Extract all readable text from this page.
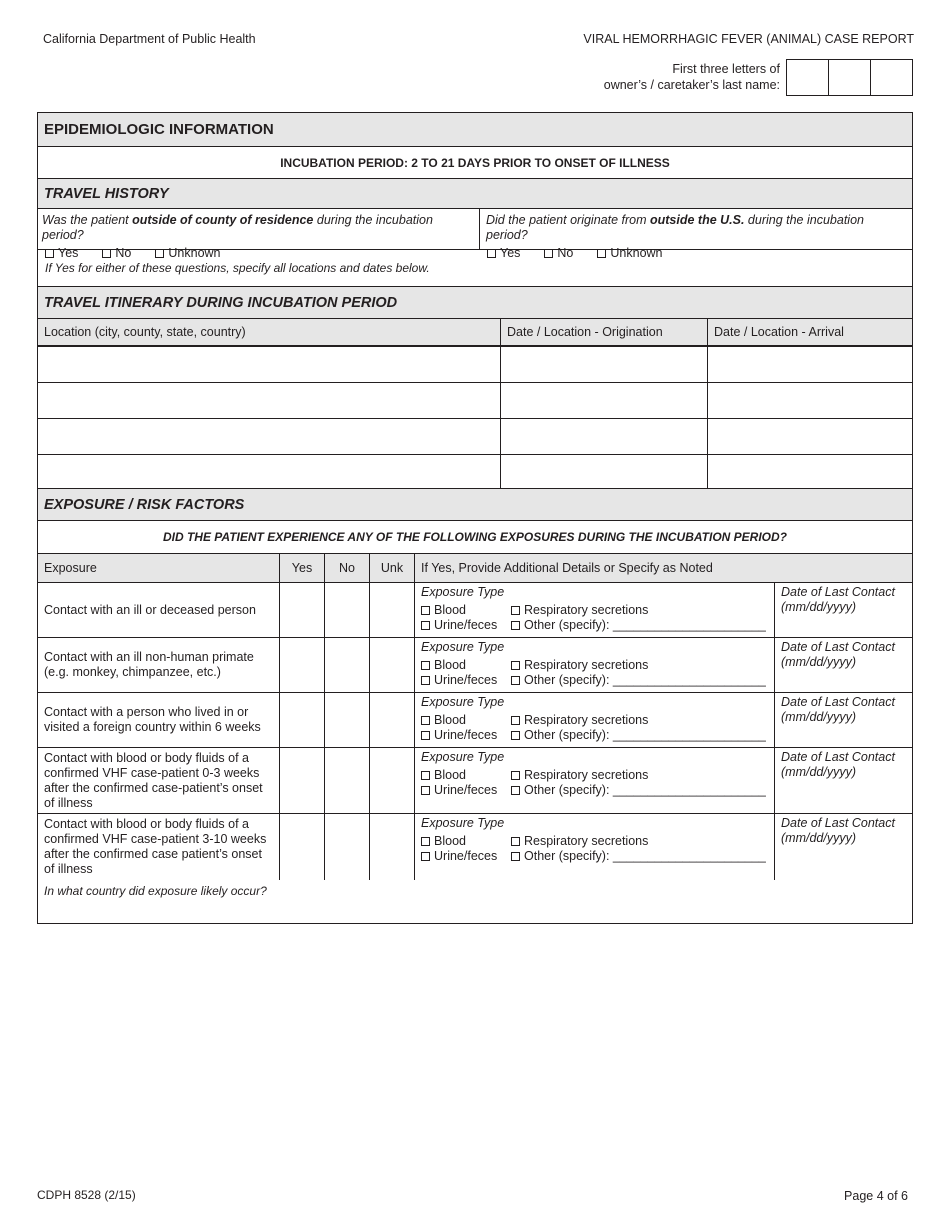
California Department of Public Health	VIRAL HEMORRHAGIC FEVER (ANIMAL) CASE REPORT
First three letters of
owner’s / caretaker’s last name:
EPIDEMIOLOGIC INFORMATION
INCUBATION PERIOD: 2 TO 21 DAYS PRIOR TO ONSET OF ILLNESS
TRAVEL HISTORY
Was the patient outside of county of residence during the incubation period?
Yes	No	Unknown
Did the patient originate from outside the U.S. during the incubation period?
Yes	No	Unknown
If Yes for either of these questions, specify all locations and dates below.
TRAVEL ITINERARY DURING INCUBATION PERIOD
Location (city, county, state, country)	Date / Location - Origination	Date / Location - Arrival
EXPOSURE / RISK FACTORS
DID THE PATIENT EXPERIENCE ANY OF THE FOLLOWING EXPOSURES DURING THE INCUBATION PERIOD?
Exposure	Yes	No	Unk	If Yes, Provide Additional Details or Specify as Noted
Contact with an ill or deceased person
Exposure Type
Blood	Respiratory secretions
Urine/feces	Other (specify): ______________________
Date of Last Contact
(mm/dd/yyyy)
Contact with an ill non-human primate
(e.g. monkey, chimpanzee, etc.)
Exposure Type
Blood	Respiratory secretions
Urine/feces	Other (specify): ______________________
Date of Last Contact
(mm/dd/yyyy)
Contact with a person who lived in or
visited a foreign country within 6 weeks
Exposure Type
Blood	Respiratory secretions
Urine/feces	Other (specify): ______________________
Date of Last Contact
(mm/dd/yyyy)
Contact with blood or body fluids of a
confirmed VHF case-patient 0-3 weeks
after the confirmed case-patient’s onset
of illness
Exposure Type
Blood	Respiratory secretions
Urine/feces	Other (specify): ______________________
Date of Last Contact
(mm/dd/yyyy)
Contact with blood or body fluids of a
confirmed VHF case-patient 3-10 weeks
after the confirmed case patient’s onset
of illness
Exposure Type
Blood	Respiratory secretions
Urine/feces	Other (specify): ______________________
Date of Last Contact
(mm/dd/yyyy)
In what country did exposure likely occur?
CDPH 8528 (2/15)	Page 4 of 6
